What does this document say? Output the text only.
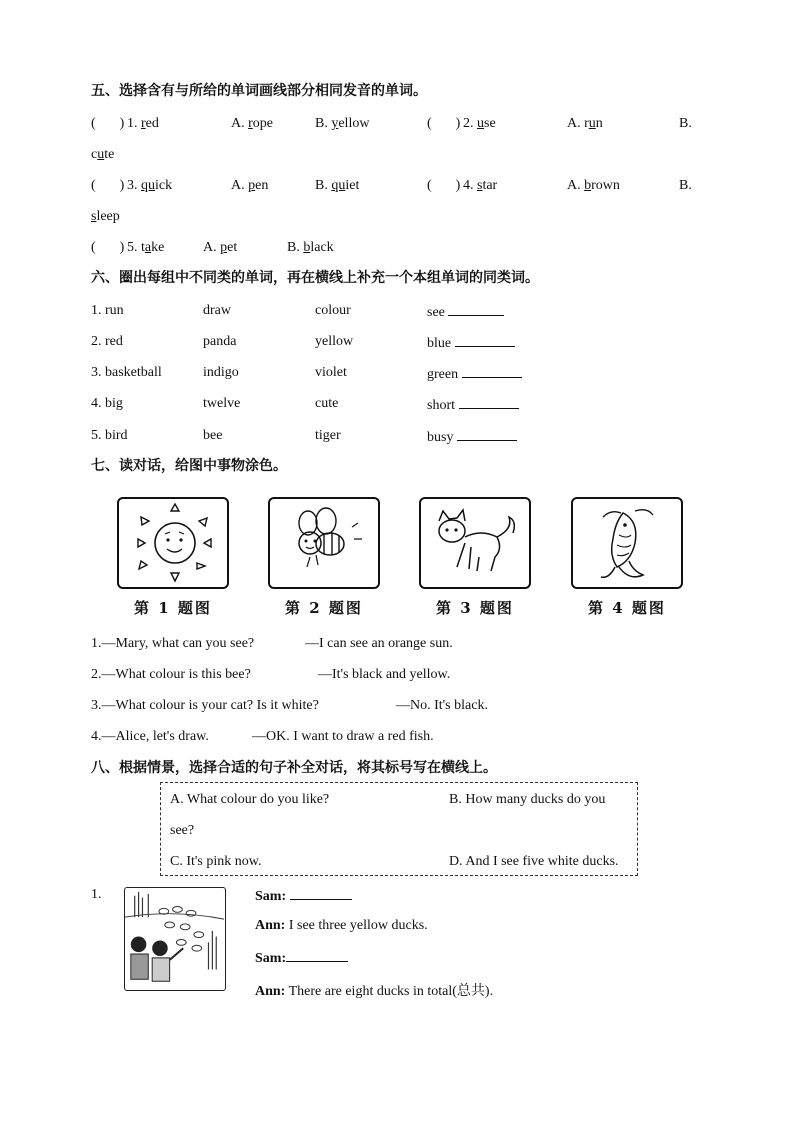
五、选择含有与所给的单词画线部分相同发音的单词。
( ) 1. red	A. rope	B. yellow	( ) 2. use	A. run	B.
cute
( ) 3. quick	A. pen	B. quiet	( ) 4. star	A. brown	B.
sleep
( ) 5. take	A. pet	B. black
六、圈出每组中不同类的单词，再在横线上补充一个本组单词的同类词。
1. run	draw	colour	see
2. red	panda	yellow	blue
3. basketball	indigo	violet	green
4. big	twelve	cute	short
5. bird	bee	tiger	busy
七、读对话，给图中事物涂色。
第 1 题图	第 2 题图	第 3 题图	第 4 题图
1.—Mary, what can you see?	—I can see an orange sun.
2.—What colour is this bee?	—It's black and yellow.
3.—What colour is your cat? Is it white?	—No. It's black.
4.—Alice, let's draw.	—OK. I want to draw a red fish.
八、根据情景，选择合适的句子补全对话，将其标号写在横线上。
A. What colour do you like?	B. How many ducks do you
see?
C. It's pink now.	D. And I see five white ducks.
1.	Sam:
Ann: I see three yellow ducks.
Sam:
Ann: There are eight ducks in total(总共).
